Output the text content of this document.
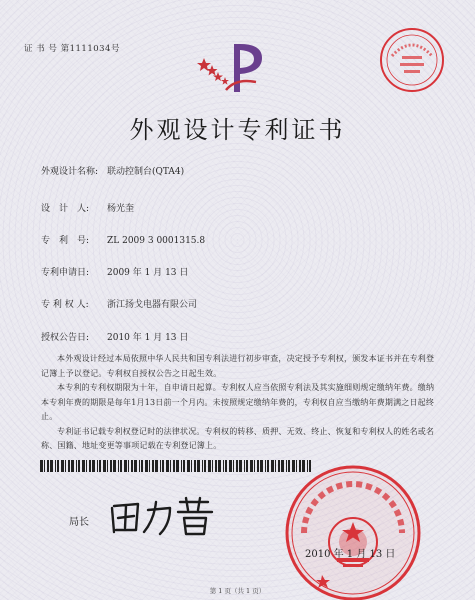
证 书 号 第1111034号
外观设计专利证书
外观设计名称: 联动控制台(QTA4)
设　计　人: 杨光奎
专　利　号: ZL 2009 3 0001315.8
专利申请日: 2009 年 1 月 13 日
专 利 权 人: 浙江扬戈电器有限公司
授权公告日: 2010 年 1 月 13 日

本外观设计经过本局依照中华人民共和国专利法进行初步审查，决定授予专利权，颁发本证书并在专利登记簿上予以登记。专利权自授权公告之日起生效。

本专利的专利权期限为十年，自申请日起算。专利权人应当依照专利法及其实施细则规定缴纳年费。缴纳本专利年费的期限是每年1月13日前一个月内。未按照规定缴纳年费的，专利权自应当缴纳年费期满之日起终止。

专利证书记载专利权登记时的法律状况。专利权的转移、质押、无效、终止、恢复和专利权人的姓名或名称、国籍、地址变更等事项记载在专利登记簿上。

局长
2010 年 1 月 13 日
第 1 页（共 1 页）
